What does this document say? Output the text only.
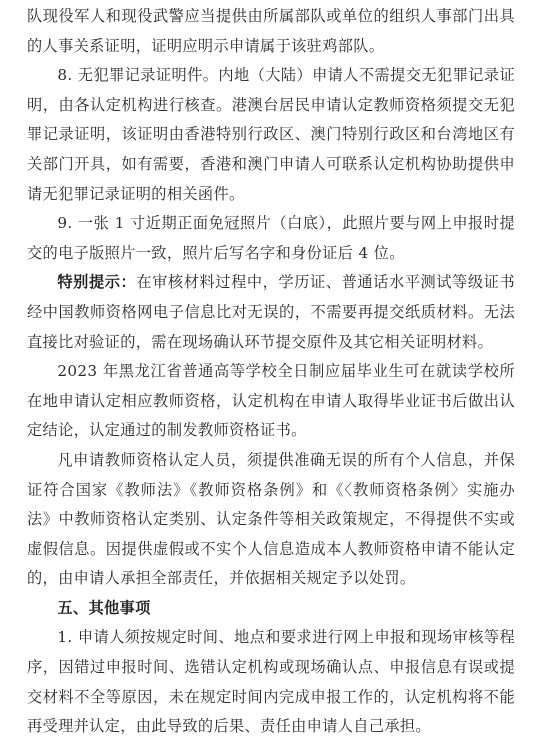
队现役军人和现役武警应当提供由所属部队或单位的组织人事部门出具的人事关系证明，证明应明示申请属于该驻鸡部队。

8. 无犯罪记录证明件。内地（大陆）申请人不需提交无犯罪记录证明，由各认定机构进行核查。港澳台居民申请认定教师资格须提交无犯罪记录证明，该证明由香港特别行政区、澳门特别行政区和台湾地区有关部门开具，如有需要，香港和澳门申请人可联系认定机构协助提供申请无犯罪记录证明的相关函件。

9. 一张 1 寸近期正面免冠照片（白底），此照片要与网上申报时提交的电子版照片一致，照片后写名字和身份证后 4 位。

特别提示：在审核材料过程中，学历证、普通话水平测试等级证书经中国教师资格网电子信息比对无误的，不需要再提交纸质材料。无法直接比对验证的，需在现场确认环节提交原件及其它相关证明材料。

2023 年黑龙江省普通高等学校全日制应届毕业生可在就读学校所在地申请认定相应教师资格，认定机构在申请人取得毕业证书后做出认定结论，认定通过的制发教师资格证书。

凡申请教师资格认定人员，须提供准确无误的所有个人信息，并保证符合国家《教师法》《教师资格条例》和《〈教师资格条例〉实施办法》中教师资格认定类别、认定条件等相关政策规定，不得提供不实或虚假信息。因提供虚假或不实个人信息造成本人教师资格申请不能认定的，由申请人承担全部责任，并依据相关规定予以处罚。

五、其他事项

1. 申请人须按规定时间、地点和要求进行网上申报和现场审核等程序，因错过申报时间、选错认定机构或现场确认点、申报信息有误或提交材料不全等原因，未在规定时间内完成申报工作的，认定机构将不能再受理并认定，由此导致的后果、责任由申请人自己承担。
